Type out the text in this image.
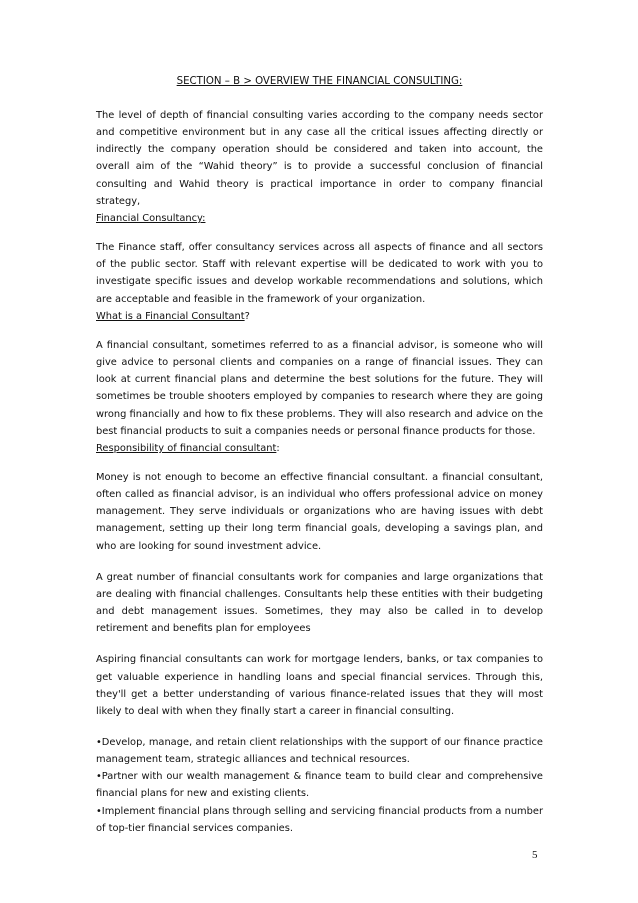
SECTION – B > OVERVIEW THE FINANCIAL CONSULTING:

The level of depth of financial consulting varies according to the company needs sector and competitive environment but in any case all the critical issues affecting directly or indirectly the company operation should be considered and taken into account, the overall aim of the “Wahid theory” is to provide a successful conclusion of financial consulting and Wahid theory is practical importance in order to company financial strategy,

Financial Consultancy:

The Finance staff, offer consultancy services across all aspects of finance and all sectors of the public sector. Staff with relevant expertise will be dedicated to work with you to investigate specific issues and develop workable recommendations and solutions, which are acceptable and feasible in the framework of your organization.

What is a Financial Consultant?

A financial consultant, sometimes referred to as a financial advisor, is someone who will give advice to personal clients and companies on a range of financial issues. They can look at current financial plans and determine the best solutions for the future. They will sometimes be trouble shooters employed by companies to research where they are going wrong financially and how to fix these problems. They will also research and advice on the best financial products to suit a companies needs or personal finance products for those.

Responsibility of financial consultant:

Money is not enough to become an effective financial consultant. a financial consultant, often called as financial advisor, is an individual who offers professional advice on money management. They serve individuals or organizations who are having issues with debt management, setting up their long term financial goals, developing a savings plan, and who are looking for sound investment advice.

A great number of financial consultants work for companies and large organizations that are dealing with financial challenges. Consultants help these entities with their budgeting and debt management issues. Sometimes, they may also be called in to develop retirement and benefits plan for employees

Aspiring financial consultants can work for mortgage lenders, banks, or tax companies to get valuable experience in handling loans and special financial services. Through this, they'll get a better understanding of various finance-related issues that they will most likely to deal with when they finally start a career in financial consulting.

•Develop, manage, and retain client relationships with the support of our finance practice management team, strategic alliances and technical resources.

•Partner with our wealth management & finance team to build clear and comprehensive financial plans for new and existing clients.

•Implement financial plans through selling and servicing financial products from a number of top-tier financial services companies.

5
